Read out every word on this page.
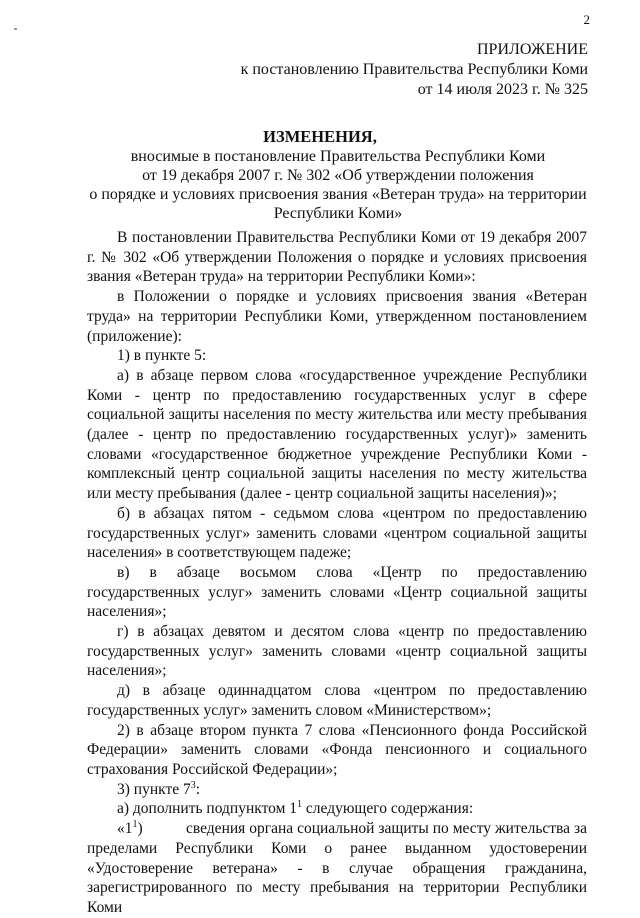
2
ПРИЛОЖЕНИЕ
к постановлению Правительства Республики Коми
от 14 июля 2023 г. № 325
ИЗМЕНЕНИЯ,
вносимые в постановление Правительства Республики Коми
от 19 декабря 2007 г. № 302 «Об утверждении положения
о порядке и условиях присвоения звания «Ветеран труда» на территории
Республики Коми»

В постановлении Правительства Республики Коми от 19 декабря 2007 г. № 302 «Об утверждении Положения о порядке и условиях присвоения звания «Ветеран труда» на территории Республики Коми»:

в Положении о порядке и условиях присвоения звания «Ветеран труда» на территории Республики Коми, утвержденном постановлением (приложение):

1) в пункте 5:

а) в абзаце первом слова «государственное учреждение Республики Коми - центр по предоставлению государственных услуг в сфере социальной защиты населения по месту жительства или месту пребывания (далее - центр по предоставлению государственных услуг)» заменить словами «государственное бюджетное учреждение Республики Коми - комплексный центр социальной защиты населения по месту жительства или месту пребывания (далее - центр социальной защиты населения)»;

б) в абзацах пятом - седьмом слова «центром по предоставлению государственных услуг» заменить словами «центром социальной защиты населения» в соответствующем падеже;

в) в абзаце восьмом слова «Центр по предоставлению государственных услуг» заменить словами «Центр социальной защиты населения»;

г) в абзацах девятом и десятом слова «центр по предоставлению государственных услуг» заменить словами «центр социальной защиты населения»;

д) в абзаце одиннадцатом слова «центром по предоставлению государственных услуг» заменить словом «Министерством»;

2) в абзаце втором пункта 7 слова «Пенсионного фонда Российской Федерации» заменить словами «Фонда пенсионного и социального страхования Российской Федерации»;

3) пункте $7^3$:

а) дополнить подпунктом $1^1$ следующего содержания:

«$1^1$)	сведения органа социальной защиты по месту жительства за пределами Республики Коми о ранее выданном удостоверении «Удостоверение ветерана» - в случае обращения гражданина, зарегистрированного по месту пребывания на территории Республики Коми
